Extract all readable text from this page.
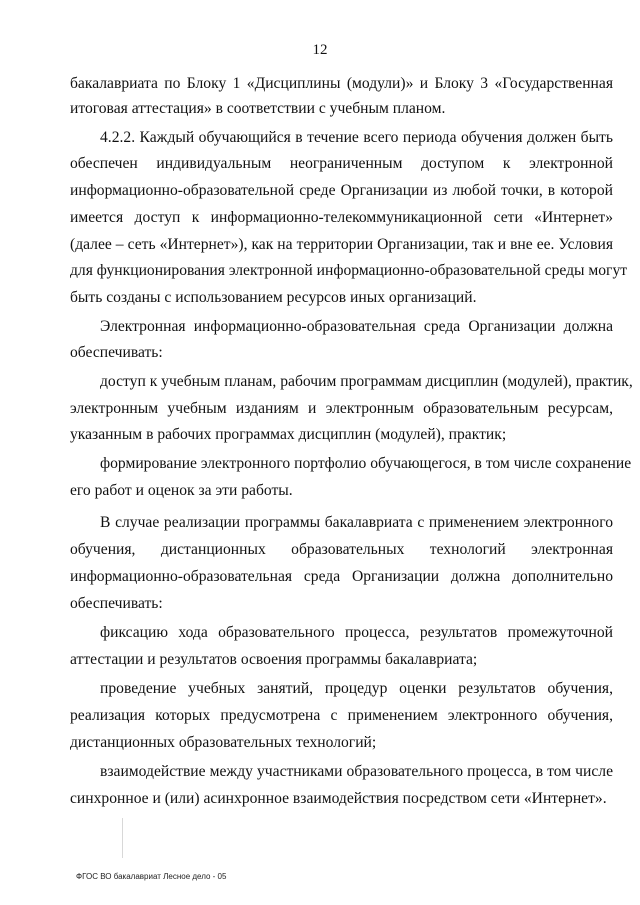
12
бакалавриата по Блоку 1 «Дисциплины (модули)» и Блоку 3 «Государственная
итоговая аттестация» в соответствии с учебным планом.
4.2.2. Каждый обучающийся в течение всего периода обучения должен быть
обеспечен индивидуальным неограниченным доступом к электронной
информационно-образовательной среде Организации из любой точки, в которой
имеется доступ к информационно-телекоммуникационной сети «Интернет»
(далее – сеть «Интернет»), как на территории Организации, так и вне ее. Условия
для функционирования электронной информационно-образовательной среды могут
быть созданы с использованием ресурсов иных организаций.
Электронная информационно-образовательная среда Организации должна
обеспечивать:
доступ к учебным планам, рабочим программам дисциплин (модулей), практик,
электронным учебным изданиям и электронным образовательным ресурсам,
указанным в рабочих программах дисциплин (модулей), практик;
формирование электронного портфолио обучающегося, в том числе сохранение
его работ и оценок за эти работы.
В случае реализации программы бакалавриата с применением электронного
обучения, дистанционных образовательных технологий электронная
информационно-образовательная среда Организации должна дополнительно
обеспечивать:
фиксацию хода образовательного процесса, результатов промежуточной
аттестации и результатов освоения программы бакалавриата;
проведение учебных занятий, процедур оценки результатов обучения,
реализация которых предусмотрена с применением электронного обучения,
дистанционных образовательных технологий;
взаимодействие между участниками образовательного процесса, в том числе
синхронное и (или) асинхронное взаимодействия посредством сети «Интернет».
ФГОС ВО бакалавриат Лесное дело - 05
